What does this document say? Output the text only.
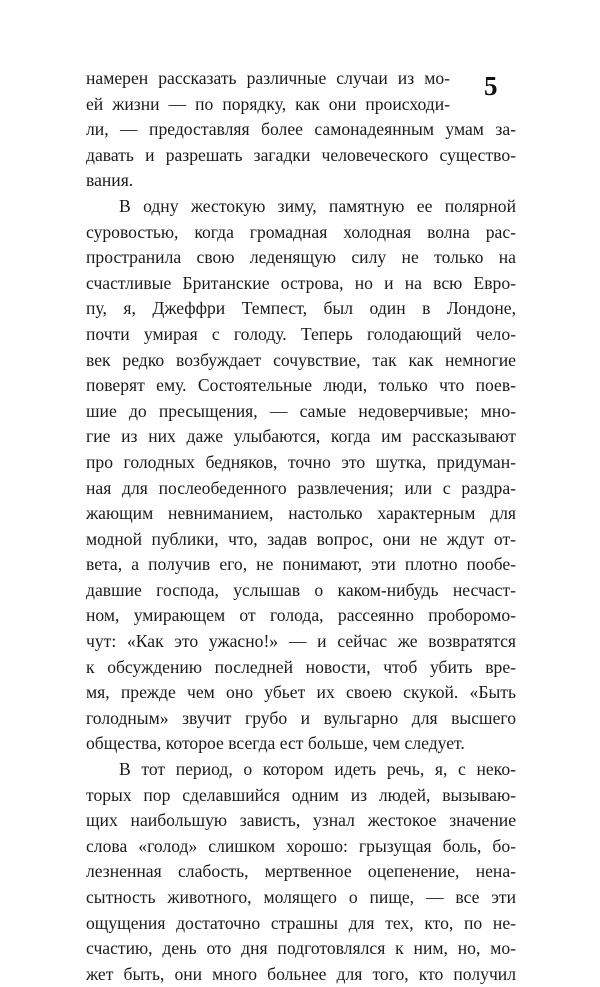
5
намерен рассказать различные случаи из мо-
ей жизни — по порядку, как они происходи-
ли, — предоставляя более самонадеянным умам за-
давать и разрешать загадки человеческого существо-
вания.
В одну жестокую зиму, памятную ее полярной
суровостью, когда громадная холодная волна рас-
пространила свою леденящую силу не только на
счастливые Британские острова, но и на всю Евро-
пу, я, Джеффри Темпест, был один в Лондоне,
почти умирая с голоду. Теперь голодающий чело-
век редко возбуждает сочувствие, так как немногие
поверят ему. Состоятельные люди, только что поев-
шие до пресыщения, — самые недоверчивые; мно-
гие из них даже улыбаются, когда им рассказывают
про голодных бедняков, точно это шутка, придуман-
ная для послеобеденного развлечения; или с раздра-
жающим невниманием, настолько характерным для
модной публики, что, задав вопрос, они не ждут от-
вета, а получив его, не понимают, эти плотно пообе-
давшие господа, услышав о каком-нибудь несчаст-
ном, умирающем от голода, рассеянно проборомо-
чут: «Как это ужасно!» — и сейчас же возвратятся
к обсуждению последней новости, чтоб убить вре-
мя, прежде чем оно убьет их своею скукой. «Быть
голодным» звучит грубо и вульгарно для высшего
общества, которое всегда ест больше, чем следует.
В тот период, о котором идеть речь, я, с неко-
торых пор сделавшийся одним из людей, вызываю-
щих наибольшую зависть, узнал жестокое значение
слова «голод» слишком хорошо: грызущая боль, бо-
лезненная слабость, мертвенное оцепенение, нена-
сытность животного, молящего о пище, — все эти
ощущения достаточно страшны для тех, кто, по не-
счастию, день ото дня подготовлялся к ним, но, мо-
жет быть, они много больнее для того, кто получил
